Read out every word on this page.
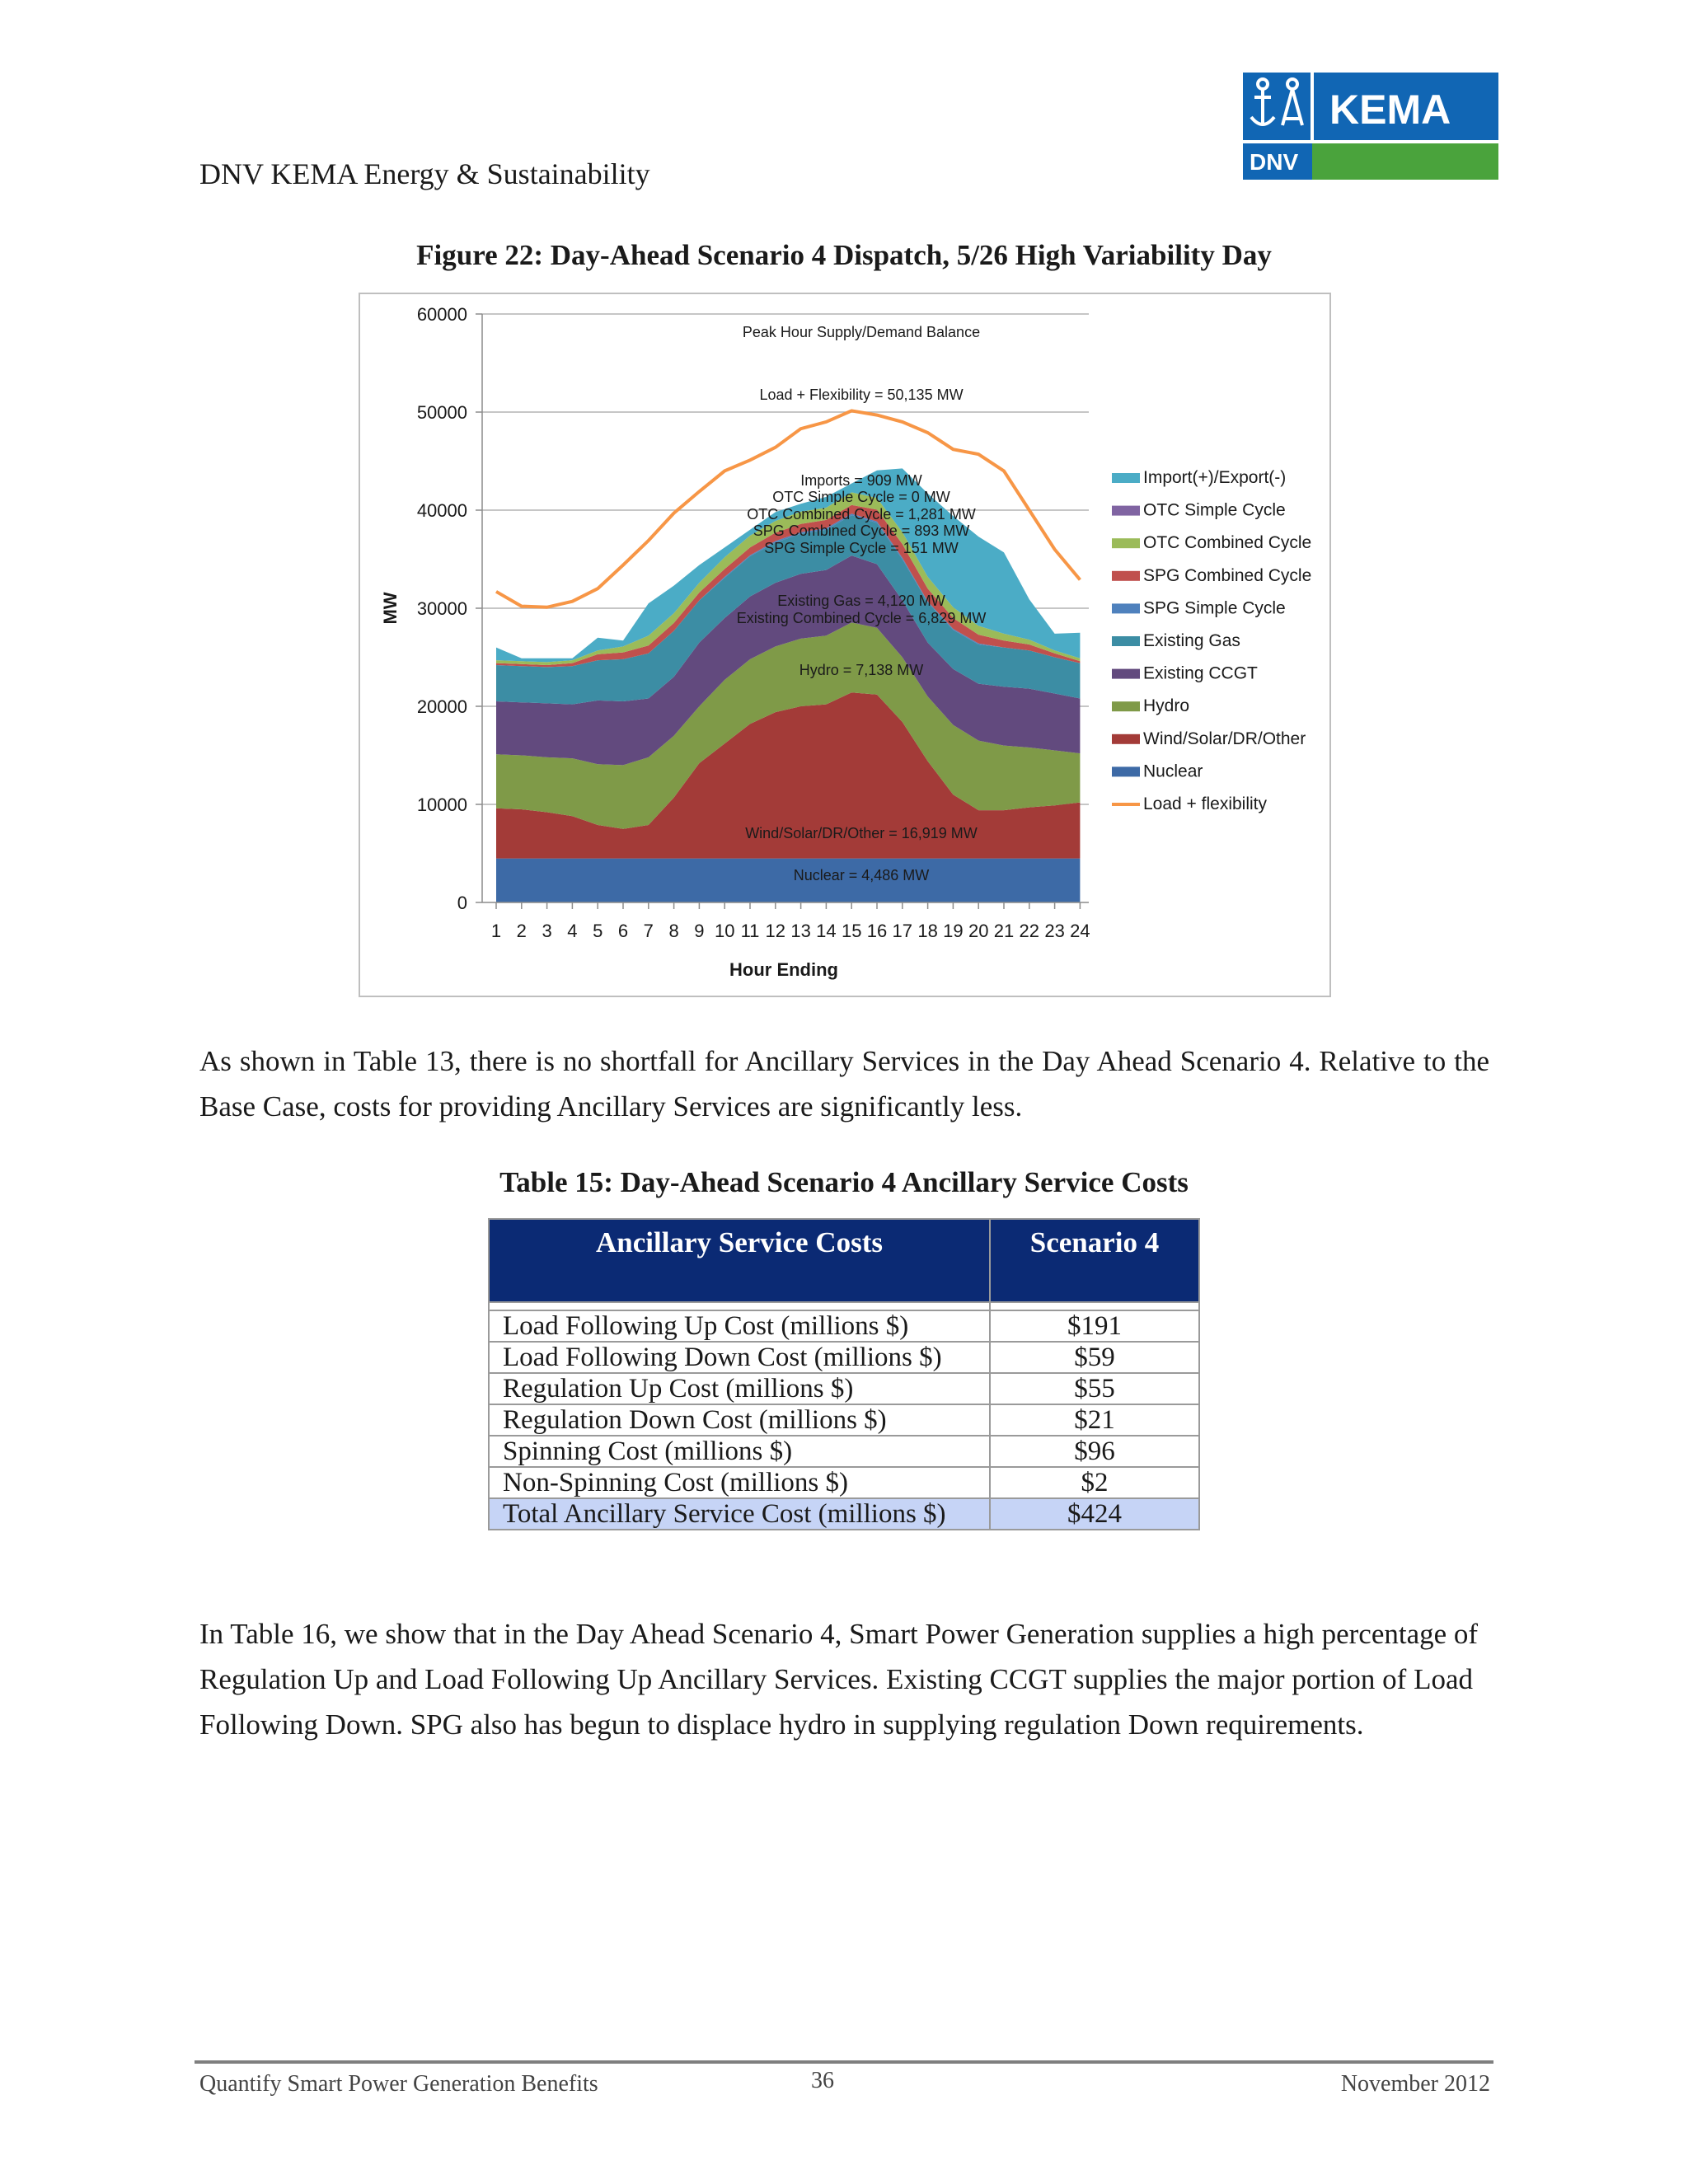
DNV KEMA Energy & Sustainability
KEMA
DNV
Figure 22: Day-Ahead Scenario 4 Dispatch, 5/26 High Variability Day
0
10000
20000
30000
40000
50000
60000
1 2 3 4 5 6 7 8 9 10 11 12 13 14 15 16 17 18 19 20 21 22 23 24
Hour Ending
MW
Peak Hour Supply/Demand Balance
Load + Flexibility = 50,135 MW
Imports = 909 MW
OTC Simple Cycle = 0 MW
OTC Combined Cycle = 1,281 MW
SPG Combined Cycle = 893 MW
SPG Simple Cycle = 151 MW
Existing Gas = 4,120 MW
Existing Combined Cycle = 6,829 MW
Hydro = 7,138 MW
Wind/Solar/DR/Other = 16,919 MW
Nuclear = 4,486 MW
Import(+)/Export(-)
OTC Simple Cycle
OTC Combined Cycle
SPG Combined Cycle
SPG Simple Cycle
Existing Gas
Existing CCGT
Hydro
Wind/Solar/DR/Other
Nuclear
Load + flexibility
As shown in Table 13, there is no shortfall for Ancillary Services in the Day Ahead Scenario 4. Relative to the Base Case, costs for providing Ancillary Services are significantly less.
Table 15: Day-Ahead Scenario 4 Ancillary Service Costs
Ancillary Service Costs	Scenario 4

Load Following Up Cost (millions $)	$191
Load Following Down Cost (millions $)	$59
Regulation Up Cost (millions $)	$55
Regulation Down Cost (millions $)	$21
Spinning Cost (millions $)	$96
Non-Spinning Cost (millions $)	$2
Total Ancillary Service Cost (millions $)	$424
In Table 16, we show that in the Day Ahead Scenario 4, Smart Power Generation supplies a high percentage of Regulation Up and Load Following Up Ancillary Services. Existing CCGT supplies the major portion of Load Following Down. SPG also has begun to displace hydro in supplying regulation Down requirements.
Quantify Smart Power Generation Benefits	36	November 2012
